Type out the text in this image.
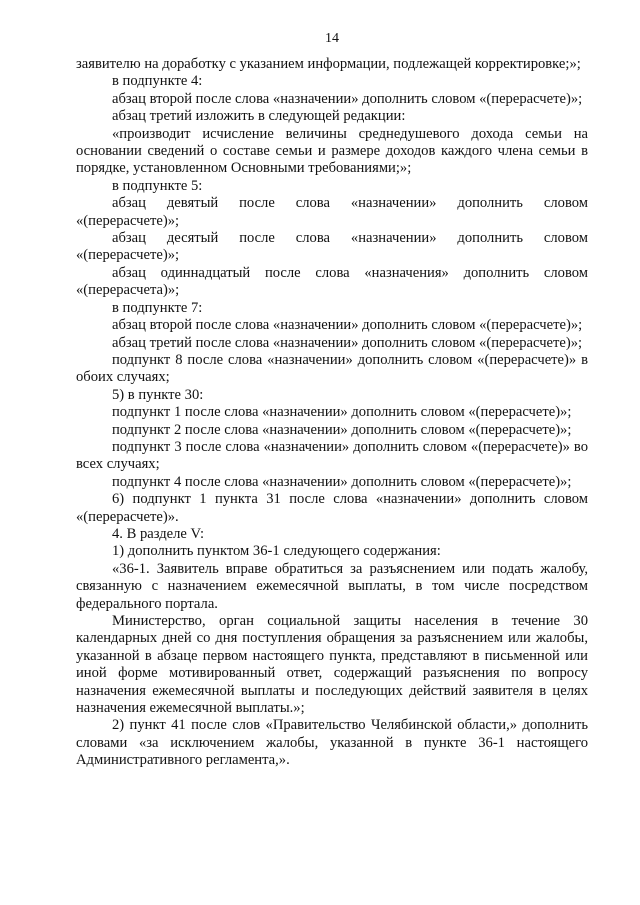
14

заявителю на доработку с указанием информации, подлежащей корректировке;»;

в подпункте 4:

абзац второй после слова «назначении» дополнить словом «(перерасчете)»;

абзац третий изложить в следующей редакции:

«производит исчисление величины среднедушевого дохода семьи на основании сведений о составе семьи и размере доходов каждого члена семьи в порядке, установленном Основными требованиями;»;

в подпункте 5:

абзац девятый после слова «назначении» дополнить словом «(перерасчете)»;

абзац десятый после слова «назначении» дополнить словом «(перерасчете)»;

абзац одиннадцатый после слова «назначения» дополнить словом «(перерасчета)»;

в подпункте 7:

абзац второй после слова «назначении» дополнить словом «(перерасчете)»;

абзац третий после слова «назначении» дополнить словом «(перерасчете)»;

подпункт 8 после слова «назначении» дополнить словом «(перерасчете)» в обоих случаях;

5) в пункте 30:

подпункт 1 после слова «назначении» дополнить словом «(перерасчете)»;

подпункт 2 после слова «назначении» дополнить словом «(перерасчете)»;

подпункт 3 после слова «назначении» дополнить словом «(перерасчете)» во всех случаях;

подпункт 4 после слова «назначении» дополнить словом «(перерасчете)»;

6) подпункт 1 пункта 31 после слова «назначении» дополнить словом «(перерасчете)».

4. В разделе V:

1) дополнить пунктом 36-1 следующего содержания:

«36-1. Заявитель вправе обратиться за разъяснением или подать жалобу, связанную с назначением ежемесячной выплаты, в том числе посредством федерального портала.

Министерство, орган социальной защиты населения в течение 30 календарных дней со дня поступления обращения за разъяснением или жалобы, указанной в абзаце первом настоящего пункта, представляют в письменной или иной форме мотивированный ответ, содержащий разъяснения по вопросу назначения ежемесячной выплаты и последующих действий заявителя в целях назначения ежемесячной выплаты.»;

2) пункт 41 после слов «Правительство Челябинской области,» дополнить словами «за исключением жалобы, указанной в пункте 36-1 настоящего Административного регламента,».
